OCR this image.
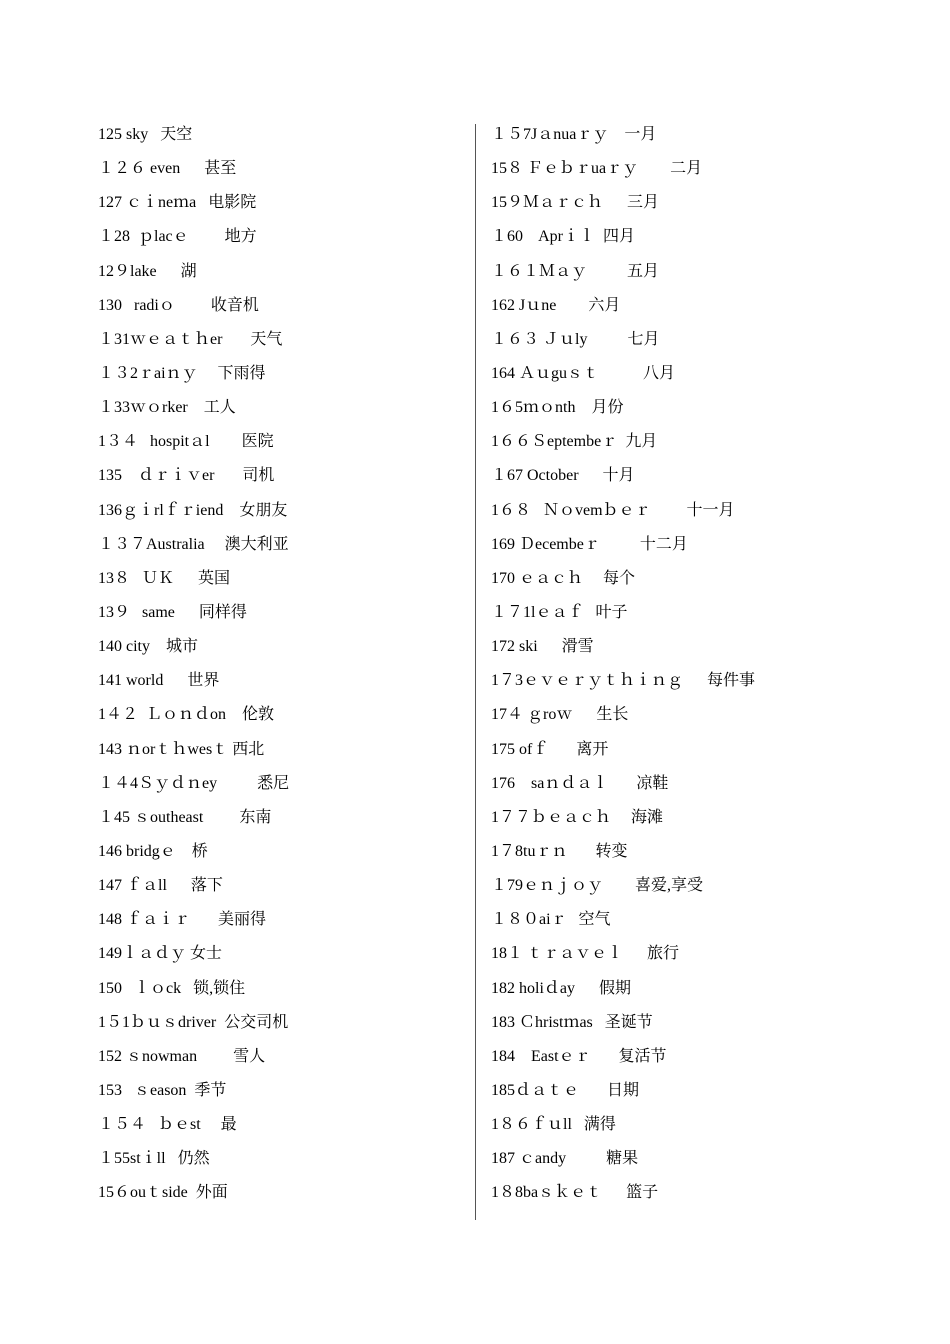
125 sky   天空
１２６ even      甚至
127 ｃｉneｍa   电影院
１28  ｐlacｅ         地方
12９lake      湖
130   radiｏ         收音机
１31ｗｅａｔｈer       天气
１３2ｒaiｎｙ     下雨得
１33ｗｏrker    工人
1３４   hospitａl        医院
135    ｄｒｉｖer       司机
136ｇｉrlｆｒiend    女朋友
１３７Australia     澳大利亚
13８   ＵＫ      英国
13９   same      同样得
140 city    城市
141 world      世界
1４２  Ｌｏｎｄon    伦敦
143 ｎorｔｈwesｔ 西北
１４4Ｓｙｄｎey          悉尼
１45 ｓoutheast         东南
146 bridgｅ    桥
147 ｆａll      落下
148 ｆａｉｒ       美丽得
149ｌａｄｙ 女士
150   ｌｏck   锁,锁住
1５1ｂｕｓdriver  公交司机
152 ｓnowman         雪人
153   ｓeason  季节
１５４   ｂｅst     最
１55stｉll   仍然
15６ouｔside  外面
１５7Jａnuaｒｙ    一月
15８ Ｆｅｂｒuaｒｙ        二月
15９Ｍａｒｃｈ      三月
１60    Aprｉｌ  四月
１６１Ｍａｙ          五月
162 Jｕne        六月
１６３ Ｊｕly          七月
164 Ａｕguｓｔ           八月
1６5ｍｏnth    月份
1６６Ｓeptembeｒ  九月
１67 October      十月
1６８   Ｎｏvemｂｅｒ         十一月
169 Ｄecembeｒ          十二月
170 ｅａｃｈ     每个
１７1lｅａｆ   叶子
172 ski      滑雪
1７3ｅｖｅｒｙｔｈｉｎｇ      每件事
17４ ｇroｗ      生长
175 ofｆ       离开
176    saｎｄａｌ       凉鞋
1７７ｂｅａｃｈ     海滩
1７8tuｒｎ       转变
１79ｅｎｊｏｙ        喜爱,享受
１８０aiｒ   空气
18１ ｔｒａｖｅｌ      旅行
182 holiｄay      假期
183 Ｃhristｍas   圣诞节
184    Eastｅｒ       复活节
185ｄａｔｅ       日期
1８６ｆｕll   满得
187 ｃandy          糖果
1８8baｓｋｅｔ      篮子
